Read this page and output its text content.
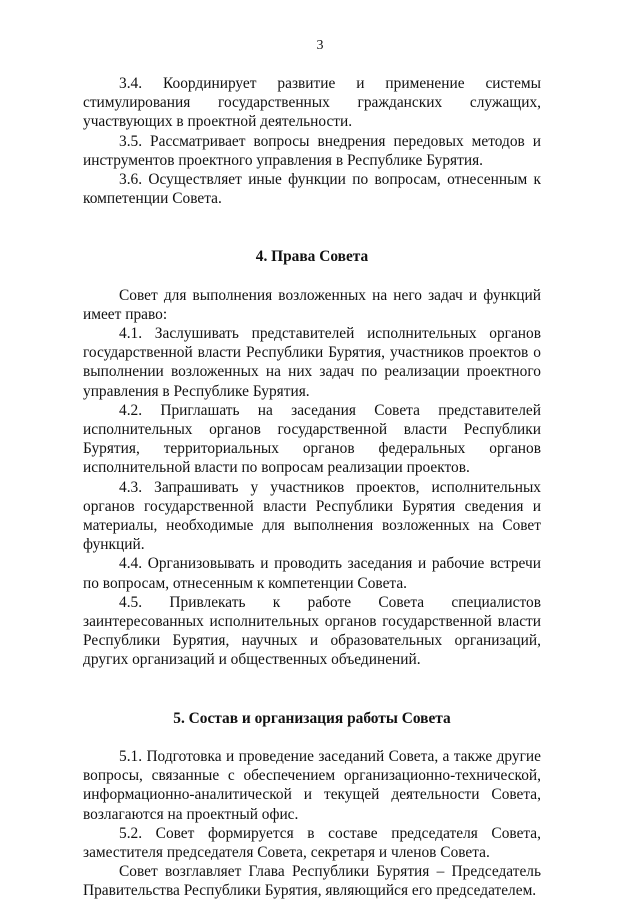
3

3.4. Координирует развитие и применение системы стимулирования государственных гражданских служащих, участвующих в проектной деятельности.

3.5. Рассматривает вопросы внедрения передовых методов и инструментов проектного управления в Республике Бурятия.

3.6. Осуществляет иные функции по вопросам, отнесенным к компетенции Совета.

4. Права Совета

Совет для выполнения возложенных на него задач и функций имеет право:

4.1. Заслушивать представителей исполнительных органов государственной власти Республики Бурятия, участников проектов о выполнении возложенных на них задач по реализации проектного управления в Республике Бурятия.

4.2. Приглашать на заседания Совета представителей исполнительных органов государственной власти Республики Бурятия, территориальных органов федеральных органов исполнительной власти по вопросам реализации проектов.

4.3. Запрашивать у участников проектов, исполнительных органов государственной власти Республики Бурятия сведения и материалы, необходимые для выполнения возложенных на Совет функций.

4.4. Организовывать и проводить заседания и рабочие встречи по вопросам, отнесенным к компетенции Совета.

4.5. Привлекать к работе Совета специалистов заинтересованных исполнительных органов государственной власти Республики Бурятия, научных и образовательных организаций, других организаций и общественных объединений.

5. Состав и организация работы Совета

5.1. Подготовка и проведение заседаний Совета, а также другие вопросы, связанные с обеспечением организационно-технической, информационно-аналитической и текущей деятельности Совета, возлагаются на проектный офис.

5.2. Совет формируется в составе председателя Совета, заместителя председателя Совета, секретаря и членов Совета.

Совет возглавляет Глава Республики Бурятия – Председатель Правительства Республики Бурятия, являющийся его председателем.
